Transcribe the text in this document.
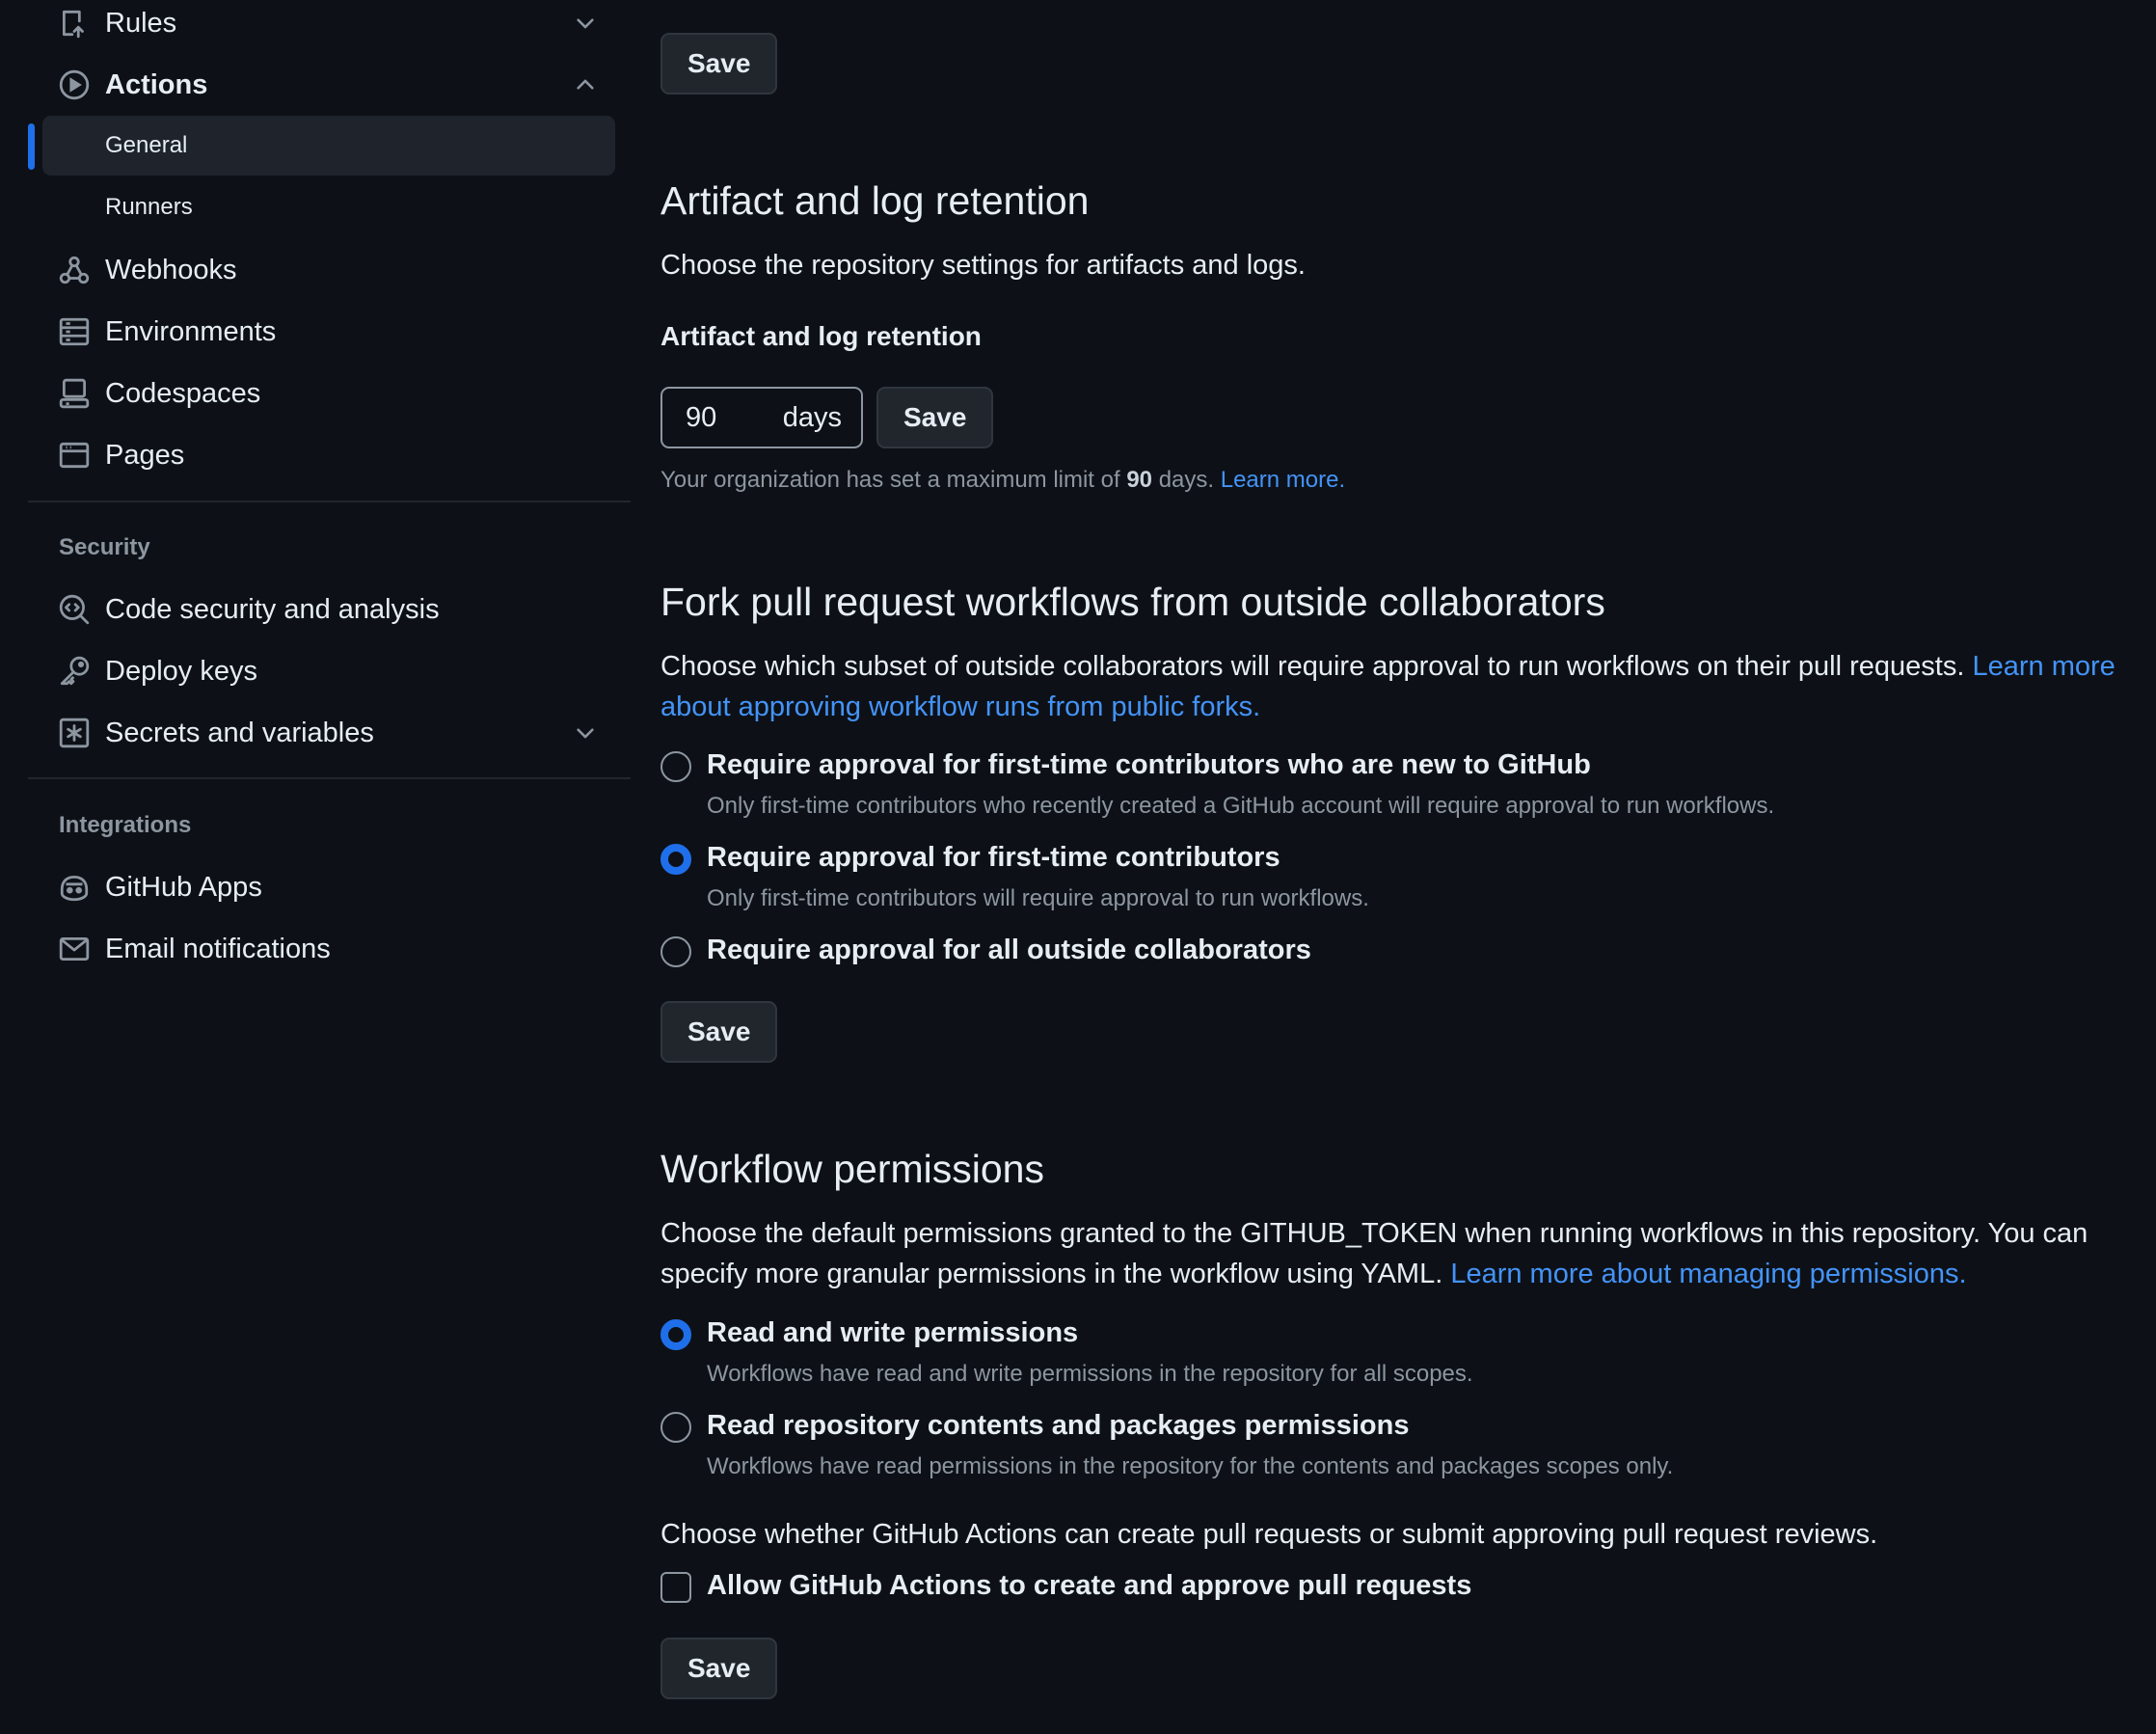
Rules
Actions
General
Runners
Webhooks
Environments
Codespaces
Pages
Security
Code security and analysis
Deploy keys
Secrets and variables
Integrations
GitHub Apps
Email notifications
Save
Artifact and log retention

Choose the repository settings for artifacts and logs.

Artifact and log retention
90 days	Save
Your organization has set a maximum limit of 90 days. Learn more.
Fork pull request workflows from outside collaborators

Choose which subset of outside collaborators will require approval to run workflows on their pull requests. Learn more
about approving workflow runs from public forks.

Require approval for first-time contributors who are new to GitHub
Only first-time contributors who recently created a GitHub account will require approval to run workflows.
Require approval for first-time contributors
Only first-time contributors will require approval to run workflows.
Require approval for all outside collaborators
Save
Workflow permissions

Choose the default permissions granted to the GITHUB_TOKEN when running workflows in this repository. You can
specify more granular permissions in the workflow using YAML. Learn more about managing permissions.

Read and write permissions
Workflows have read and write permissions in the repository for all scopes.
Read repository contents and packages permissions
Workflows have read permissions in the repository for the contents and packages scopes only.

Choose whether GitHub Actions can create pull requests or submit approving pull request reviews.

Allow GitHub Actions to create and approve pull requests
Save
